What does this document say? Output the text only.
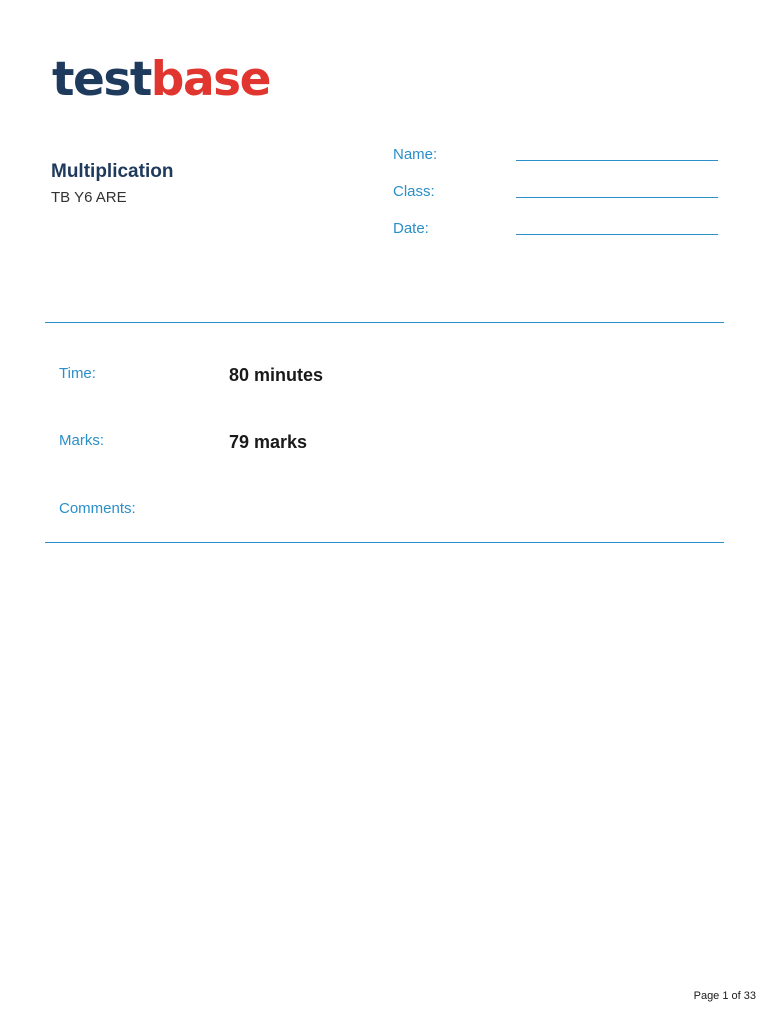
testbase
Multiplication
TB Y6 ARE
Name:
Class:
Date:
Time:	80 minutes
Marks:	79 marks
Comments:
Page 1 of 33
